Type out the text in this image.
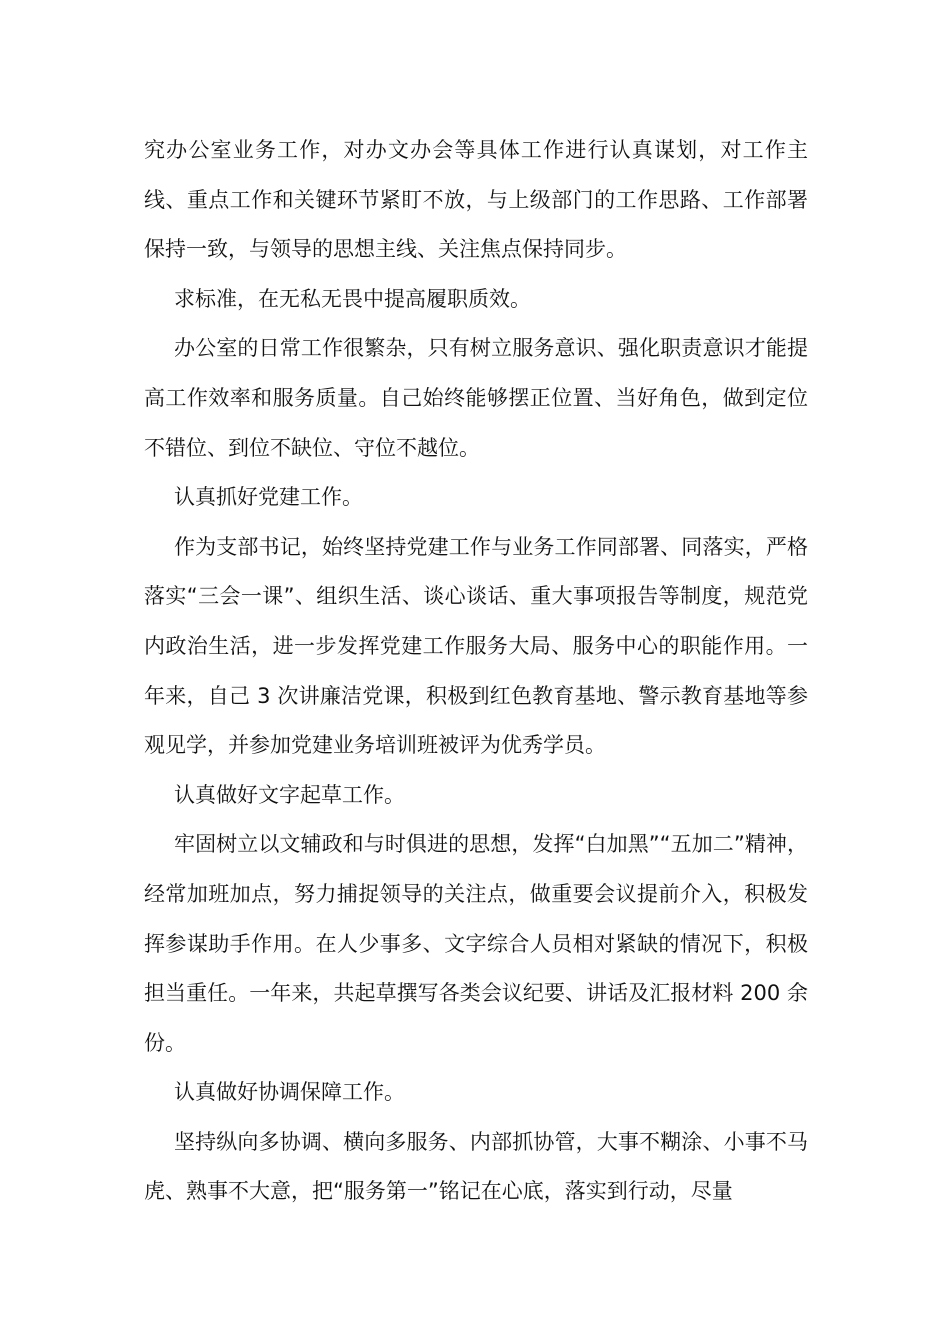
究办公室业务工作，对办文办会等具体工作进行认真谋划，对工作主线、重点工作和关键环节紧盯不放，与上级部门的工作思路、工作部署保持一致，与领导的思想主线、关注焦点保持同步。

求标准，在无私无畏中提高履职质效。

办公室的日常工作很繁杂，只有树立服务意识、强化职责意识才能提高工作效率和服务质量。自己始终能够摆正位置、当好角色，做到定位不错位、到位不缺位、守位不越位。

认真抓好党建工作。

作为支部书记，始终坚持党建工作与业务工作同部署、同落实，严格落实“三会一课”、组织生活、谈心谈话、重大事项报告等制度，规范党内政治生活，进一步发挥党建工作服务大局、服务中心的职能作用。一年来，自己 3 次讲廉洁党课，积极到红色教育基地、警示教育基地等参观见学，并参加党建业务培训班被评为优秀学员。

认真做好文字起草工作。

牢固树立以文辅政和与时俱进的思想，发挥“白加黑”“五加二”精神，经常加班加点，努力捕捉领导的关注点，做重要会议提前介入，积极发挥参谋助手作用。在人少事多、文字综合人员相对紧缺的情况下，积极担当重任。一年来，共起草撰写各类会议纪要、讲话及汇报材料 200 余份。

认真做好协调保障工作。

坚持纵向多协调、横向多服务、内部抓协管，大事不糊涂、小事不马虎、熟事不大意，把“服务第一”铭记在心底，落实到行动，尽量
